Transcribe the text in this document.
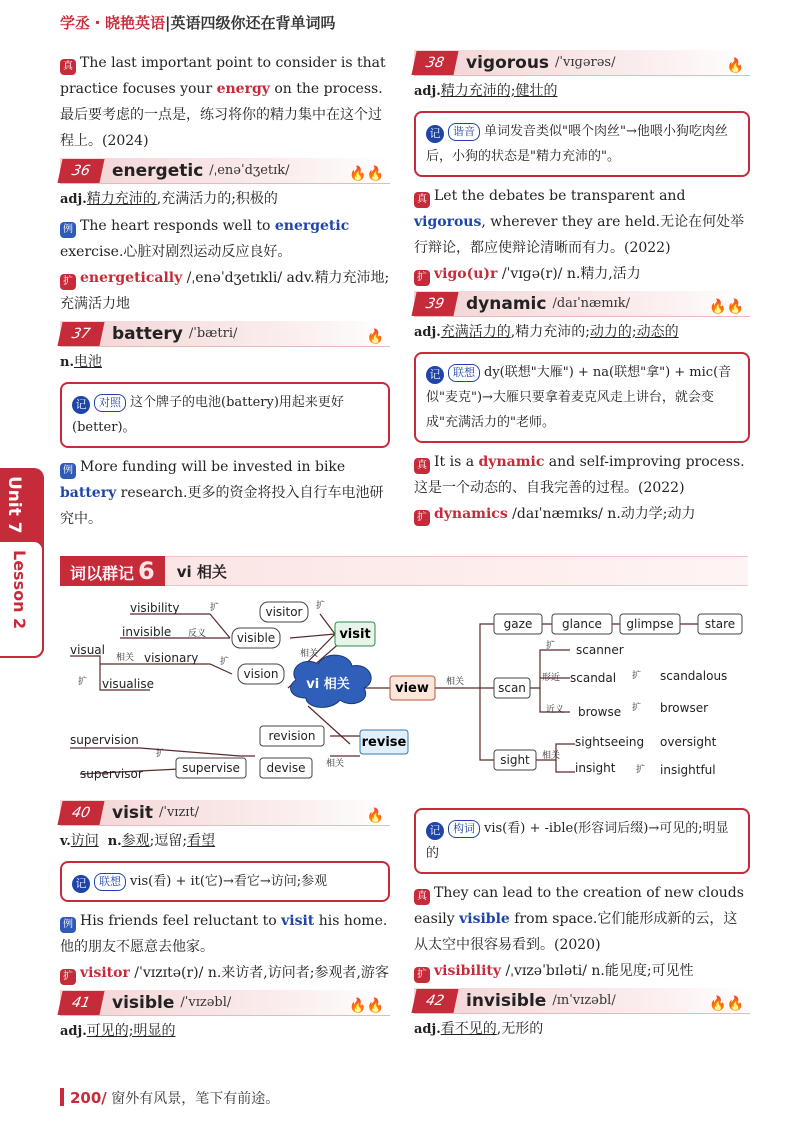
学丞・晓艳英语|英语四级你还在背单词吗
Unit 7
Lesson 2

真 The last important point to consider is that practice focuses your energy on the process.最后要考虑的一点是，练习将你的精力集中在这个过程上。(2024)

36	energetic /ˌenəˈdʒetɪk/	🔥🔥

adj.精力充沛的,充满活力的;积极的

例 The heart responds well to energetic exercise.心脏对剧烈运动反应良好。

扩 energetically /ˌenəˈdʒetɪkli/ adv.精力充沛地;充满活力地

37	battery /ˈbætri/	🔥

n.电池

记 对照 这个牌子的电池(battery)用起来更好(better)。

例 More funding will be invested in bike battery research.更多的资金将投入自行车电池研究中。

38	vigorous /ˈvɪɡərəs/	🔥

adj.精力充沛的;健壮的

记 谐音 单词发音类似"喂个肉丝"→他喂小狗吃肉丝后，小狗的状态是"精力充沛的"。

真 Let the debates be transparent and vigorous, wherever they are held.无论在何处举行辩论，都应使辩论清晰而有力。(2022)

扩 vigo(u)r /ˈvɪɡə(r)/ n.精力,活力

39	dynamic /daɪˈnæmɪk/	🔥🔥

adj.充满活力的,精力充沛的;动力的;动态的

记 联想 dy(联想"大雁") + na(联想"拿") + mic(音似"麦克")→大雁只要拿着麦克风走上讲台，就会变成"充满活力的"老师。

真 It is a dynamic and self-improving process.这是一个动态的、自我完善的过程。(2022)

扩 dynamics /daɪˈnæmɪks/ n.动力学;动力

词以群记 6	vi 相关
vi 相关
visit
view
revise
visitor
visible
vision
visibility
invisible
visionary
visual
visualise
gaze glance glimpse	stare
scan
scanner
scandal	scandalous
browse	browser
sight
sightseeing oversight
insight	insightful
revision
devise
supervise
supervision
supervisor
扩
反义
扩
相关
扩
扩
相关
相关
扩
形近
近义
扩
扩
相关
扩
相关
扩
40	visit /ˈvɪzɪt/	🔥

v.访问 n.参观;逗留;看望

记 联想 vis(看) + it(它)→看它→访问;参观

例 His friends feel reluctant to visit his home.他的朋友不愿意去他家。

扩 visitor /ˈvɪzɪtə(r)/ n.来访者,访问者;参观者,游客

41	visible /ˈvɪzəbl/	🔥🔥

adj.可见的;明显的

记 构词 vis(看) + -ible(形容词后缀)→可见的;明显的

真 They can lead to the creation of new clouds easily visible from space.它们能形成新的云，这从太空中很容易看到。(2020)

扩 visibility /ˌvɪzəˈbɪləti/ n.能见度;可见性

42	invisible /ɪnˈvɪzəbl/	🔥🔥

adj.看不见的,无形的

200/ 窗外有风景，笔下有前途。
